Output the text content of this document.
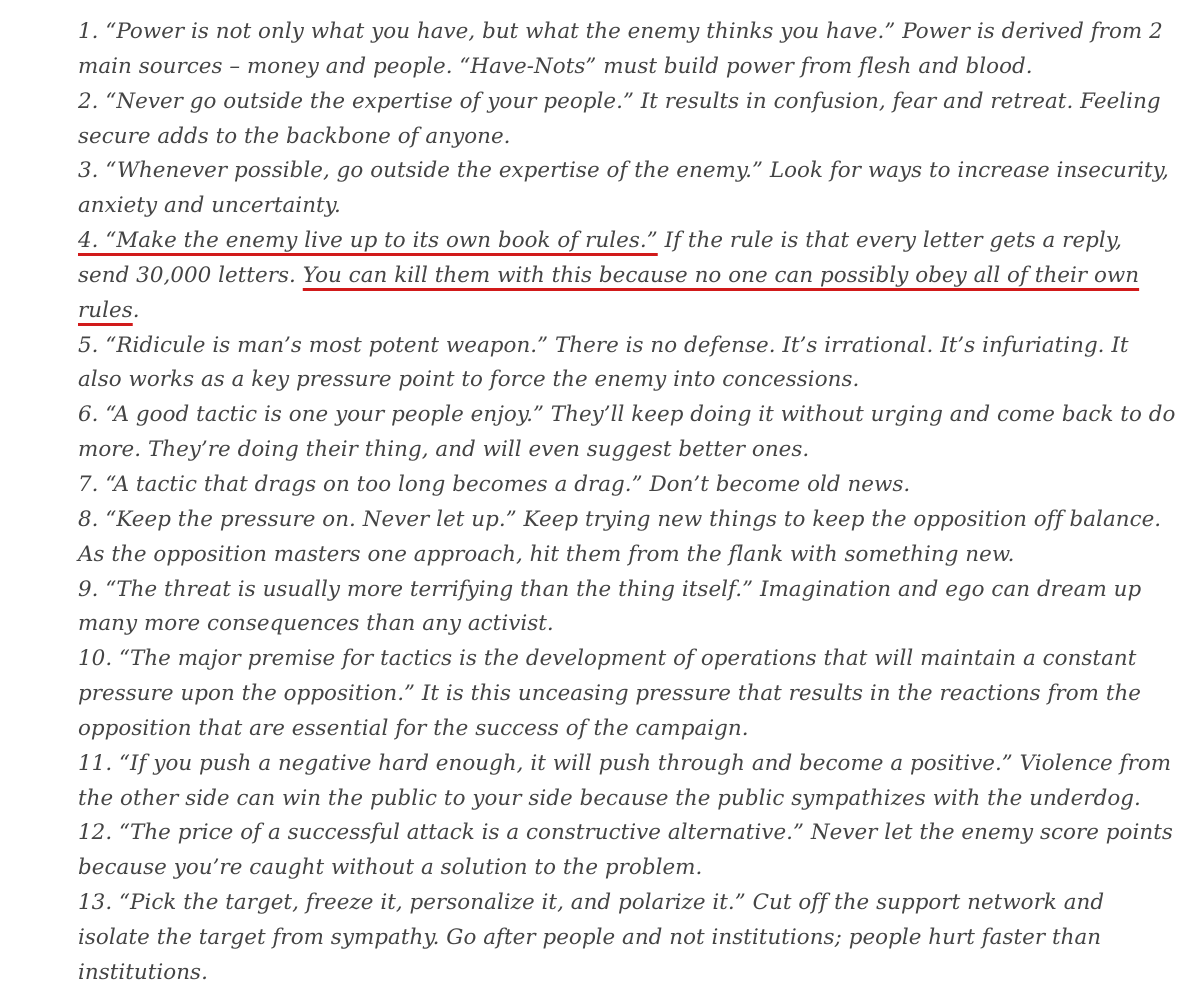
1. “Power is not only what you have, but what the enemy thinks you have.” Power is derived from 2 main sources – money and people. “Have-Nots” must build power from flesh and blood.

2. “Never go outside the expertise of your people.” It results in confusion, fear and retreat. Feeling secure adds to the backbone of anyone.

3. “Whenever possible, go outside the expertise of the enemy.” Look for ways to increase insecurity, anxiety and uncertainty.

4. “Make the enemy live up to its own book of rules.” If the rule is that every letter gets a reply, send 30,000 letters. You can kill them with this because no one can possibly obey all of their own rules.

5. “Ridicule is man’s most potent weapon.” There is no defense. It’s irrational. It’s infuriating. It also works as a key pressure point to force the enemy into concessions.

6. “A good tactic is one your people enjoy.” They’ll keep doing it without urging and come back to do more. They’re doing their thing, and will even suggest better ones.

7. “A tactic that drags on too long becomes a drag.” Don’t become old news.

8. “Keep the pressure on. Never let up.” Keep trying new things to keep the opposition off balance. As the opposition masters one approach, hit them from the flank with something new.

9. “The threat is usually more terrifying than the thing itself.” Imagination and ego can dream up many more consequences than any activist.

10. “The major premise for tactics is the development of operations that will maintain a constant pressure upon the opposition.” It is this unceasing pressure that results in the reactions from the opposition that are essential for the success of the campaign.

11. “If you push a negative hard enough, it will push through and become a positive.” Violence from the other side can win the public to your side because the public sympathizes with the underdog.

12. “The price of a successful attack is a constructive alternative.” Never let the enemy score points because you’re caught without a solution to the problem.

13. “Pick the target, freeze it, personalize it, and polarize it.” Cut off the support network and isolate the target from sympathy. Go after people and not institutions; people hurt faster than institutions.
